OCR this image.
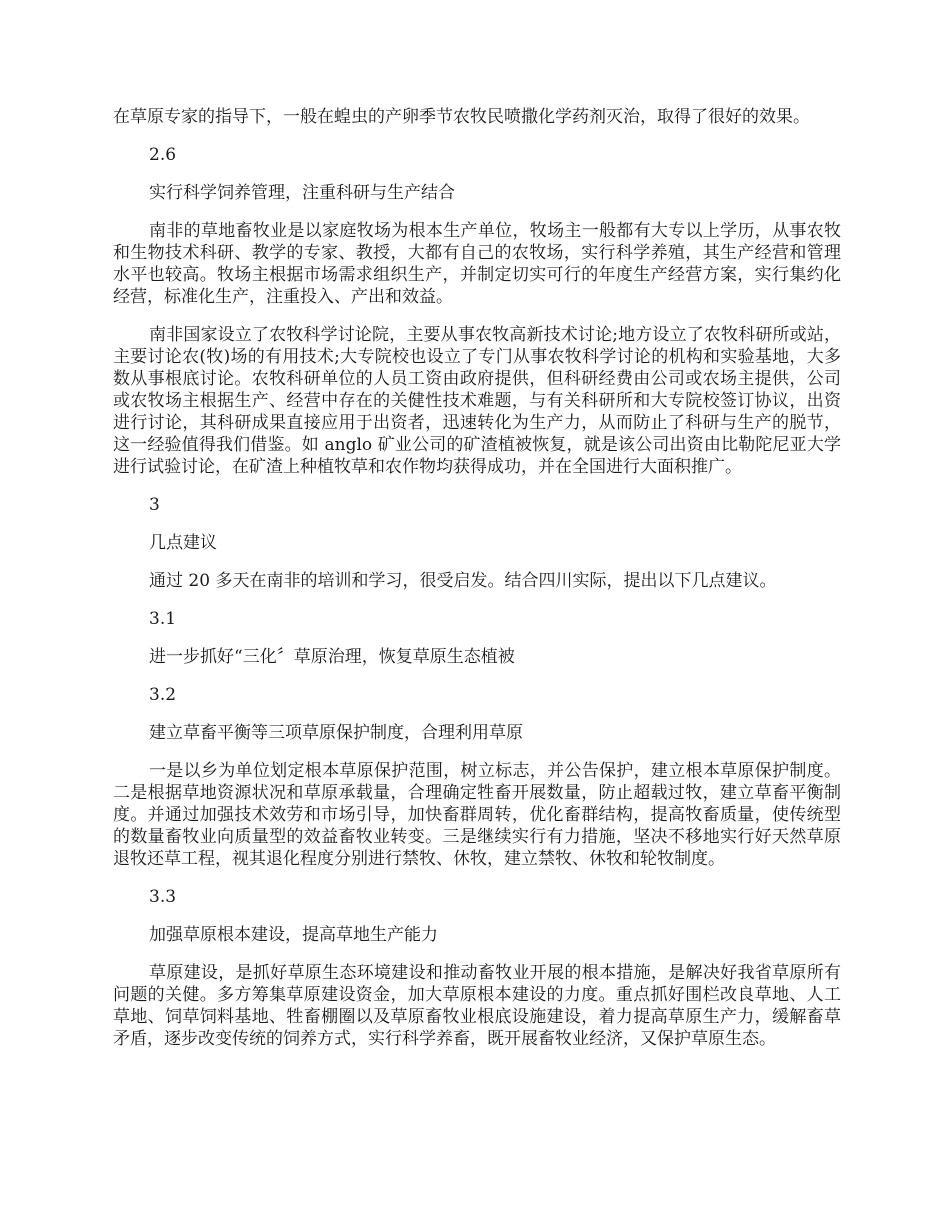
在草原专家的指导下，一般在蝗虫的产卵季节农牧民喷撒化学药剂灭治，取得了很好的效果。

2.6

实行科学饲养管理，注重科研与生产结合

南非的草地畜牧业是以家庭牧场为根本生产单位，牧场主一般都有大专以上学历，从事农牧和生物技术科研、教学的专家、教授，大都有自己的农牧场，实行科学养殖，其生产经营和管理水平也较高。牧场主根据市场需求组织生产，并制定切实可行的年度生产经营方案，实行集约化经营，标准化生产，注重投入、产出和效益。

南非国家设立了农牧科学讨论院，主要从事农牧高新技术讨论;地方设立了农牧科研所或站，主要讨论农(牧)场的有用技术;大专院校也设立了专门从事农牧科学讨论的机构和实验基地，大多数从事根底讨论。农牧科研单位的人员工资由政府提供，但科研经费由公司或农场主提供，公司或农牧场主根据生产、经营中存在的关健性技术难题，与有关科研所和大专院校签订协议，出资进行讨论，其科研成果直接应用于出资者，迅速转化为生产力，从而防止了科研与生产的脱节，这一经验值得我们借鉴。如 anglo 矿业公司的矿渣植被恢复，就是该公司出资由比勒陀尼亚大学进行试验讨论，在矿渣上种植牧草和农作物均获得成功，并在全国进行大面积推广。

3

几点建议

通过 20 多天在南非的培训和学习，很受启发。结合四川实际，提出以下几点建议。

3.1

进一步抓好“三化〞草原治理，恢复草原生态植被

3.2

建立草畜平衡等三项草原保护制度，合理利用草原

一是以乡为单位划定根本草原保护范围，树立标志，并公告保护，建立根本草原保护制度。二是根据草地资源状况和草原承载量，合理确定牲畜开展数量，防止超载过牧，建立草畜平衡制度。并通过加强技术效劳和市场引导，加快畜群周转，优化畜群结构，提高牧畜质量，使传统型的数量畜牧业向质量型的效益畜牧业转变。三是继续实行有力措施，坚决不移地实行好天然草原退牧还草工程，视其退化程度分别进行禁牧、休牧，建立禁牧、休牧和轮牧制度。

3.3

加强草原根本建设，提高草地生产能力

草原建设，是抓好草原生态环境建设和推动畜牧业开展的根本措施，是解决好我省草原所有问题的关健。多方筹集草原建设资金，加大草原根本建设的力度。重点抓好围栏改良草地、人工草地、饲草饲料基地、牲畜棚圈以及草原畜牧业根底设施建设，着力提高草原生产力，缓解畜草矛盾，逐步改变传统的饲养方式，实行科学养畜，既开展畜牧业经济，又保护草原生态。
